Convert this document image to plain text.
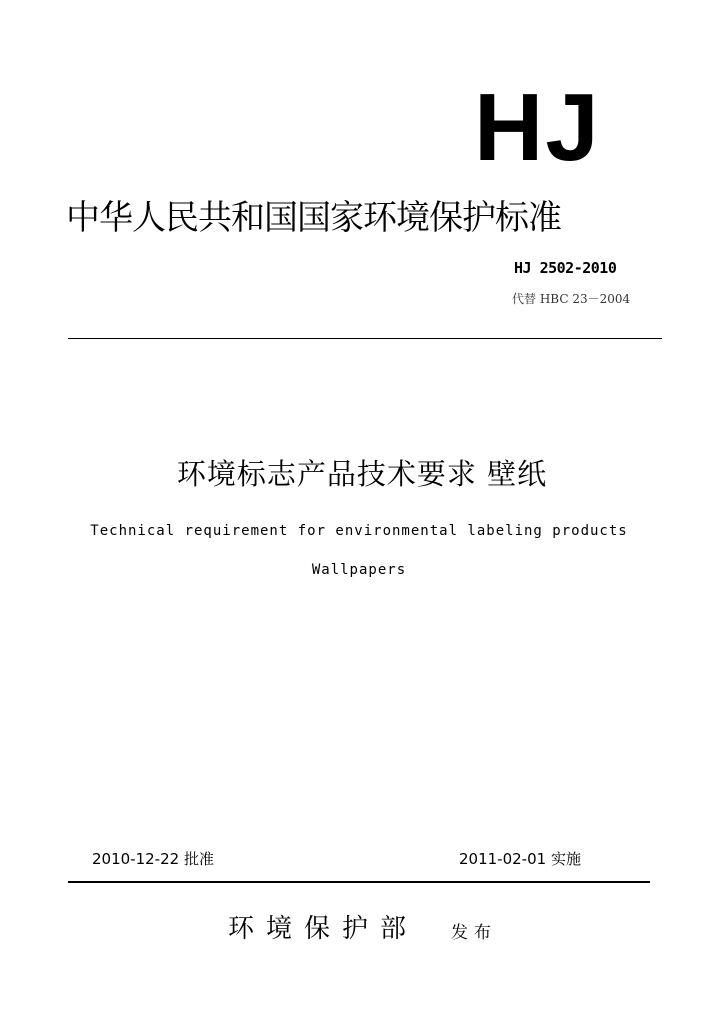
HJ
中华人民共和国国家环境保护标准
HJ 2502-2010
代替 HBC 23－2004
环境标志产品技术要求 壁纸
Technical requirement for environmental labeling products
Wallpapers
2010-12-22 批准	2011-02-01 实施
环境保护部 发布
